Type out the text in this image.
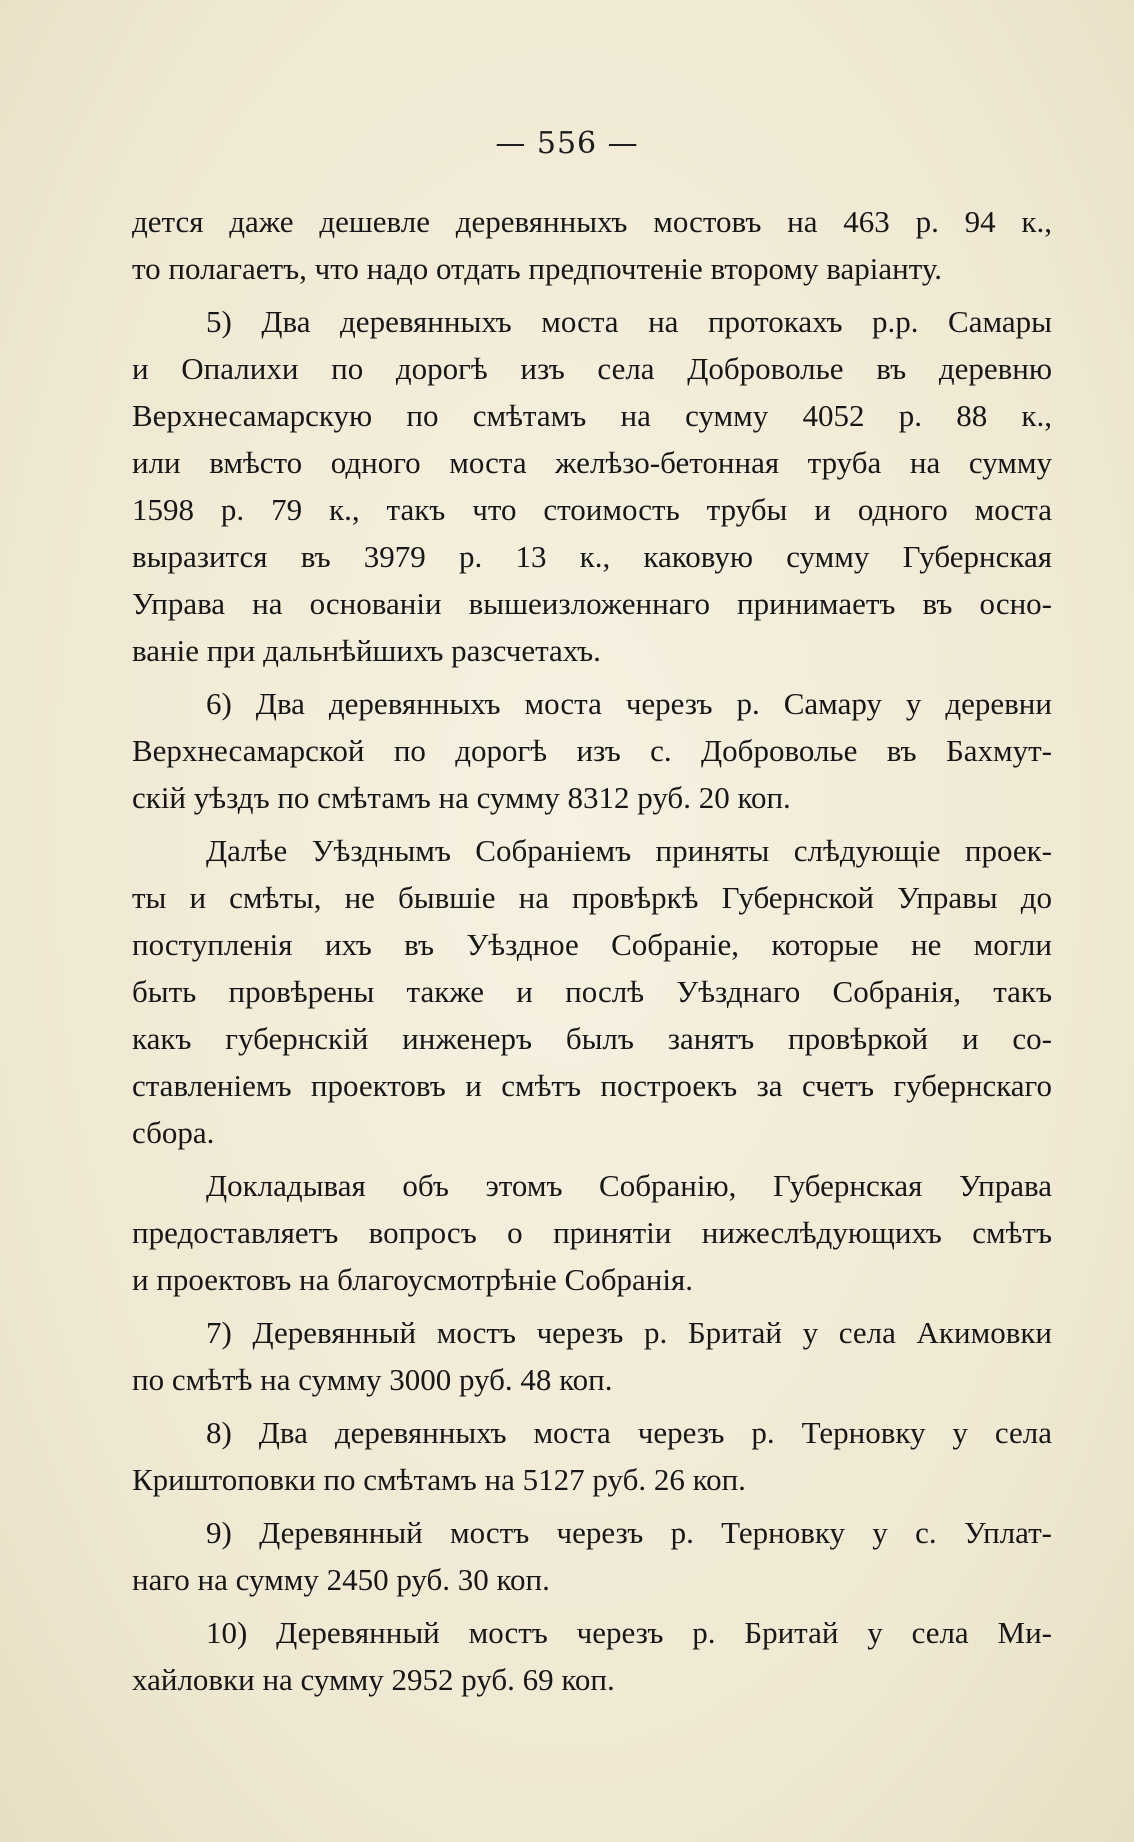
— 556 —
дется даже дешевле деревянныхъ мостовъ на 463 р. 94 к.,
то полагаетъ, что надо отдать предпочтеніе второму варіанту.
5) Два деревянныхъ моста на протокахъ р.р. Самары
и Опалихи по дорогѣ изъ села Доброволье въ деревню
Верхнесамарскую по смѣтамъ на сумму 4052 р. 88 к.,
или вмѣсто одного моста желѣзо-бетонная труба на сумму
1598 р. 79 к., такъ что стоимость трубы и одного моста
выразится въ 3979 р. 13 к., каковую сумму Губернская
Управа на основаніи вышеизложеннаго принимаетъ въ осно-
ваніе при дальнѣйшихъ разсчетахъ.
6) Два деревянныхъ моста черезъ р. Самару у деревни
Верхнесамарской по дорогѣ изъ с. Доброволье въ Бахмут-
скій уѣздъ по смѣтамъ на сумму 8312 руб. 20 коп.
Далѣе Уѣзднымъ Собраніемъ приняты слѣдующіе проек-
ты и смѣты, не бывшіе на провѣркѣ Губернской Управы до
поступленія ихъ въ Уѣздное Собраніе, которые не могли
быть провѣрены также и послѣ Уѣзднаго Собранія, такъ
какъ губернскій инженеръ былъ занятъ провѣркой и со-
ставленіемъ проектовъ и смѣтъ построекъ за счетъ губернскаго
сбора.
Докладывая объ этомъ Собранію, Губернская Управа
предоставляетъ вопросъ о принятіи нижеслѣдующихъ смѣтъ
и проектовъ на благоусмотрѣніе Собранія.
7) Деревянный мостъ черезъ р. Бритай у села Акимовки
по смѣтѣ на сумму 3000 руб. 48 коп.
8) Два деревянныхъ моста черезъ р. Терновку у села
Криштоповки по смѣтамъ на 5127 руб. 26 коп.
9) Деревянный мостъ черезъ р. Терновку у с. Уплат-
наго на сумму 2450 руб. 30 коп.
10) Деревянный мостъ черезъ р. Бритай у села Ми-
хайловки на сумму 2952 руб. 69 коп.
